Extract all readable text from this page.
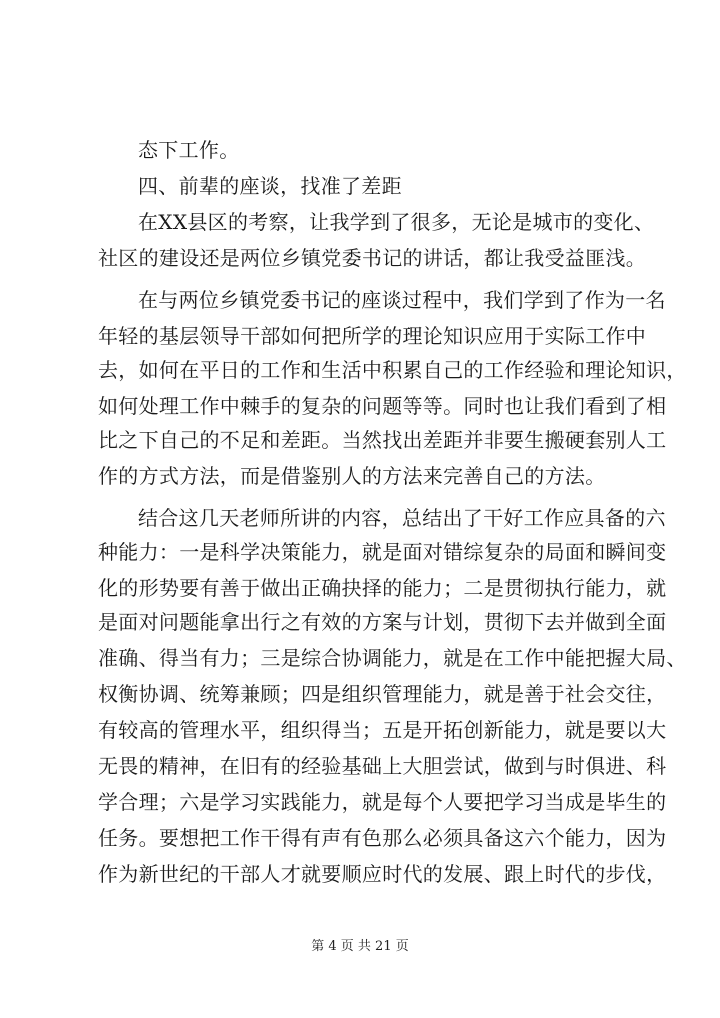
态下工作。
四、前辈的座谈，找准了差距
在XX县区的考察，让我学到了很多，无论是城市的变化、
社区的建设还是两位乡镇党委书记的讲话，都让我受益匪浅。
在与两位乡镇党委书记的座谈过程中，我们学到了作为一名
年轻的基层领导干部如何把所学的理论知识应用于实际工作中
去，如何在平日的工作和生活中积累自己的工作经验和理论知识，
如何处理工作中棘手的复杂的问题等等。同时也让我们看到了相
比之下自己的不足和差距。当然找出差距并非要生搬硬套别人工
作的方式方法，而是借鉴别人的方法来完善自己的方法。
结合这几天老师所讲的内容，总结出了干好工作应具备的六
种能力：一是科学决策能力，就是面对错综复杂的局面和瞬间变
化的形势要有善于做出正确抉择的能力；二是贯彻执行能力，就
是面对问题能拿出行之有效的方案与计划，贯彻下去并做到全面
准确、得当有力；三是综合协调能力，就是在工作中能把握大局、
权衡协调、统筹兼顾；四是组织管理能力，就是善于社会交往，
有较高的管理水平，组织得当；五是开拓创新能力，就是要以大
无畏的精神，在旧有的经验基础上大胆尝试，做到与时俱进、科
学合理；六是学习实践能力，就是每个人要把学习当成是毕生的
任务。要想把工作干得有声有色那么必须具备这六个能力，因为
作为新世纪的干部人才就要顺应时代的发展、跟上时代的步伐，
第 4 页 共 21 页
